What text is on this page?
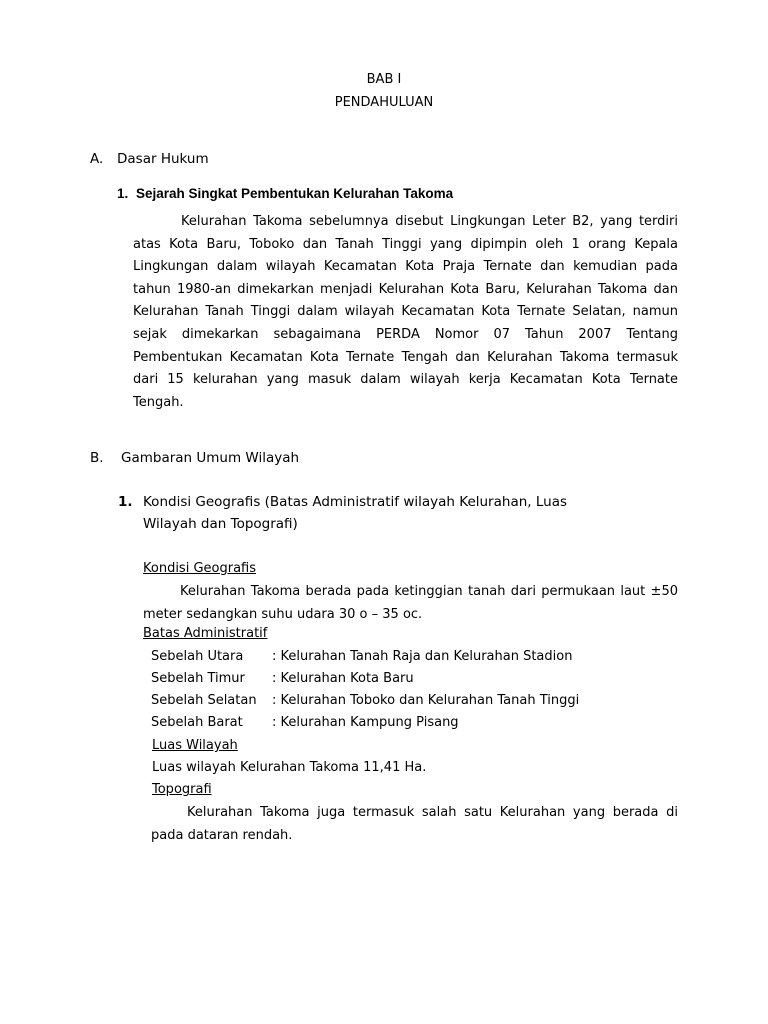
BAB I
PENDAHULUAN
A. Dasar Hukum
1. Sejarah Singkat Pembentukan Kelurahan Takoma
Kelurahan Takoma sebelumnya disebut Lingkungan Leter B2, yang terdiri atas Kota Baru, Toboko dan Tanah Tinggi yang dipimpin oleh 1 orang Kepala Lingkungan dalam wilayah Kecamatan Kota Praja Ternate dan kemudian pada tahun 1980-an dimekarkan menjadi Kelurahan Kota Baru, Kelurahan Takoma dan Kelurahan Tanah Tinggi dalam wilayah Kecamatan Kota Ternate Selatan, namun sejak dimekarkan sebagaimana PERDA Nomor 07 Tahun 2007 Tentang Pembentukan Kecamatan Kota Ternate Tengah dan Kelurahan Takoma termasuk dari 15 kelurahan yang masuk dalam wilayah kerja Kecamatan Kota Ternate Tengah.
B. Gambaran Umum Wilayah
1. Kondisi Geografis (Batas Administratif wilayah Kelurahan, Luas
Wilayah dan Topografi)
Kondisi Geografis
Kelurahan Takoma berada pada ketinggian tanah dari permukaan laut ±50 meter sedangkan suhu udara 30 o – 35 oc.
Batas Administratif
Sebelah Utara : Kelurahan Tanah Raja dan Kelurahan Stadion
Sebelah Timur : Kelurahan Kota Baru
Sebelah Selatan : Kelurahan Toboko dan Kelurahan Tanah Tinggi
Sebelah Barat : Kelurahan Kampung Pisang
Luas Wilayah
Luas wilayah Kelurahan Takoma 11,41 Ha.
Topografi
Kelurahan Takoma juga termasuk salah satu Kelurahan yang berada di pada dataran rendah.
